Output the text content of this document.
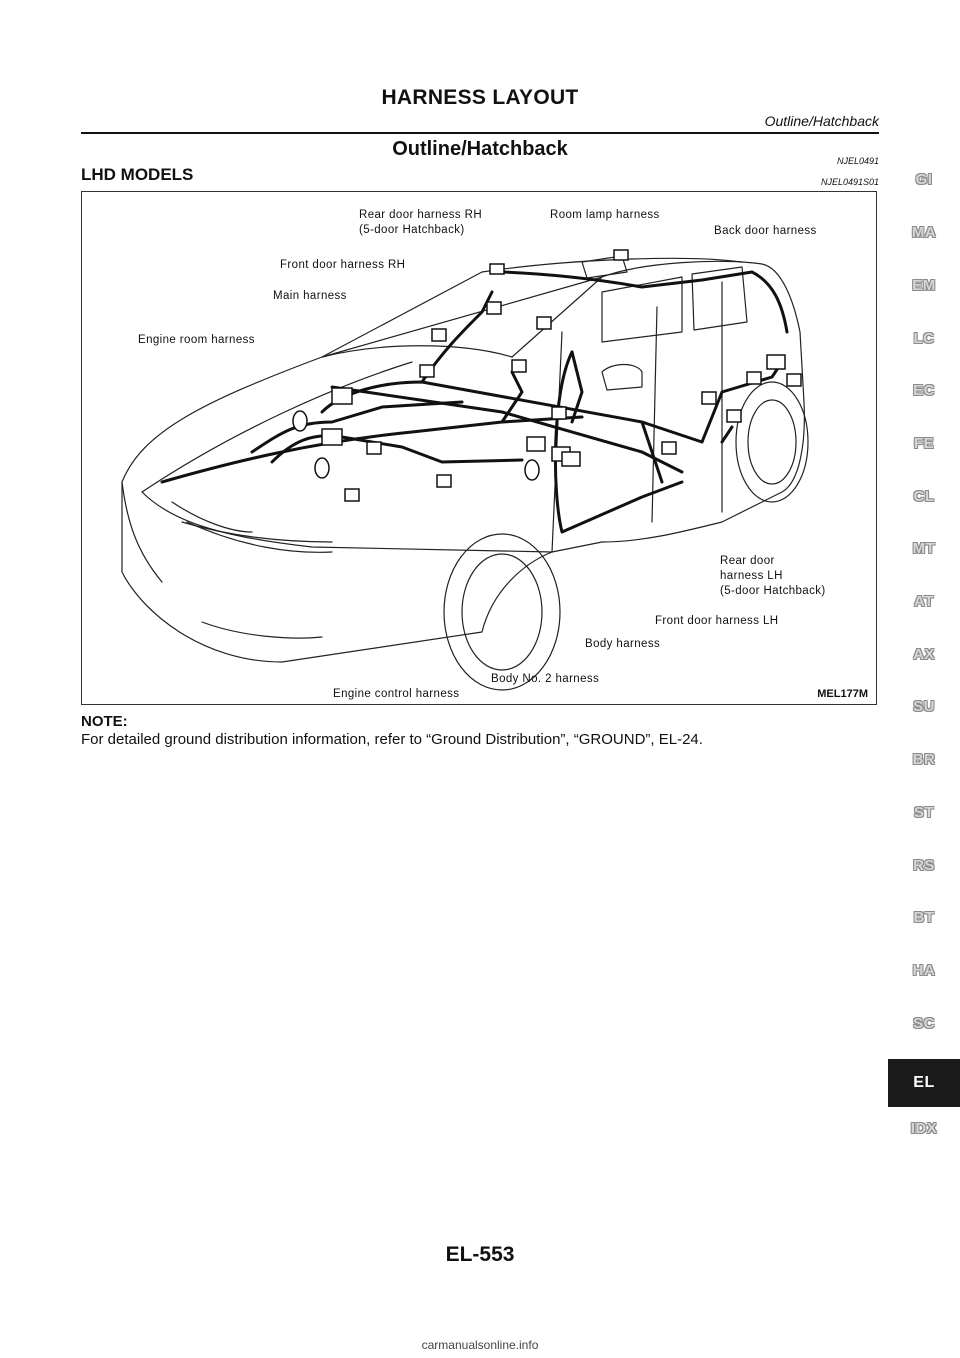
HARNESS LAYOUT
Outline/Hatchback
Outline/Hatchback
NJEL0491
LHD MODELS	NJEL0491S01
Rear door harness RH
(5-door Hatchback)
Room lamp harness
Back door harness
Front door harness RH
Main harness
Engine room harness
Rear door
harness LH
(5-door Hatchback)
Front door harness LH
Body harness
Body No. 2 harness
Engine control harness	MEL177M
NOTE:
For detailed ground distribution information, refer to “Ground Distribution”, “GROUND”, EL-24.
GI
MA
EM
LC
EC
FE
CL
MT
AT
AX
SU
BR
ST
RS
BT
HA
SC
EL
IDX
EL-553
carmanualsonline.info
